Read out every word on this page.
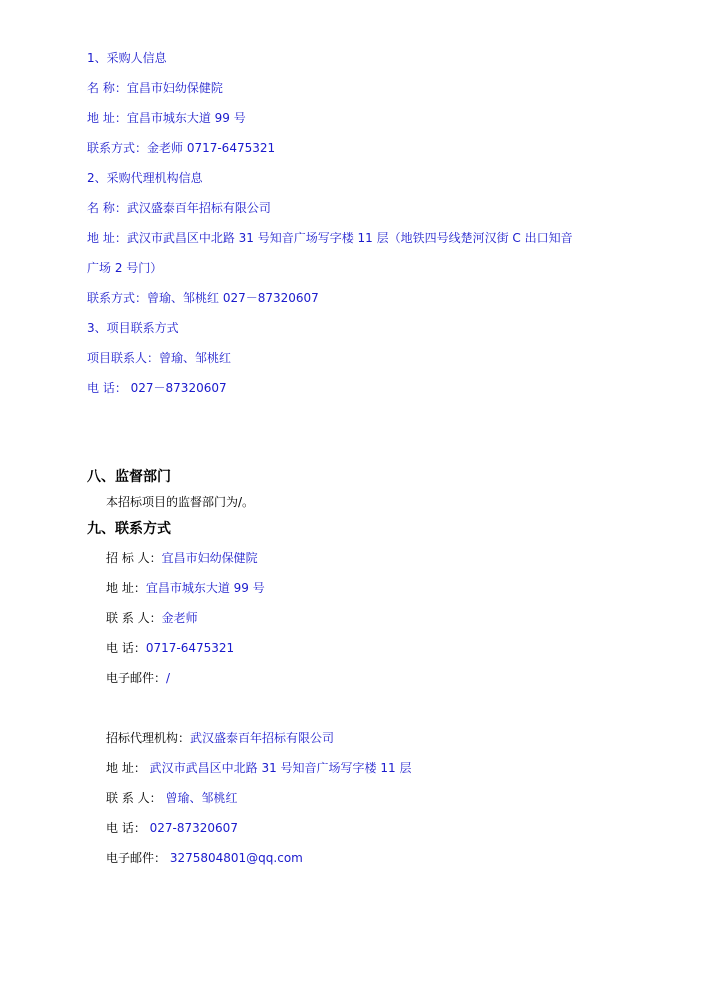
1、采购人信息
名 称：宜昌市妇幼保健院
地 址：宜昌市城东大道 99 号
联系方式：金老师 0717-6475321
2、采购代理机构信息
名 称：武汉盛泰百年招标有限公司
地 址：武汉市武昌区中北路 31 号知音广场写字楼 11 层（地铁四号线楚河汉街 C 出口知音
广场 2 号门）
联系方式：曾瑜、邹桃红 027－87320607
3、项目联系方式
项目联系人：曾瑜、邹桃红
电 话： 027－87320607
八、监督部门
本招标项目的监督部门为/。
九、联系方式
招 标 人：宜昌市妇幼保健院
地 址：宜昌市城东大道 99 号
联 系 人：金老师
电 话：0717-6475321
电子邮件：/
招标代理机构：武汉盛泰百年招标有限公司
地 址： 武汉市武昌区中北路 31 号知音广场写字楼 11 层
联 系 人： 曾瑜、邹桃红
电 话： 027-87320607
电子邮件： 3275804801@qq.com
